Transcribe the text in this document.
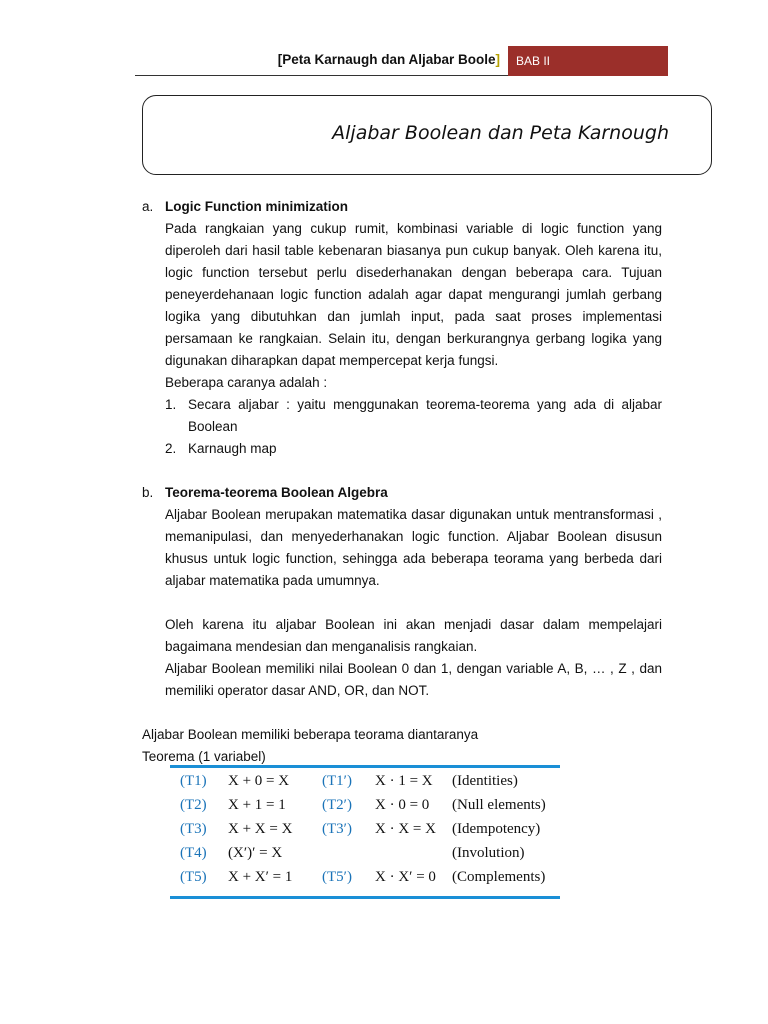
[Peta Karnaugh dan Aljabar Boole]	BAB II
Aljabar Boolean dan Peta Karnough
a. Logic Function minimization
Pada rangkaian yang cukup rumit, kombinasi variable di logic function yang diperoleh dari hasil table kebenaran biasanya pun cukup banyak. Oleh karena itu, logic function tersebut perlu disederhanakan dengan beberapa cara. Tujuan peneyerdehanaan logic function adalah agar dapat mengurangi jumlah gerbang logika yang dibutuhkan dan jumlah input, pada saat proses implementasi persamaan ke rangkaian. Selain itu, dengan berkurangnya gerbang logika yang digunakan diharapkan dapat mempercepat kerja fungsi.
Beberapa caranya adalah :
1. Secara aljabar : yaitu menggunakan teorema-teorema yang ada di aljabar Boolean
2. Karnaugh map
b. Teorema-teorema Boolean Algebra
Aljabar Boolean merupakan matematika dasar digunakan untuk mentransformasi , memanipulasi, dan menyederhanakan logic function. Aljabar Boolean disusun khusus untuk logic function, sehingga ada beberapa teorama yang berbeda dari aljabar matematika pada umumnya.
Oleh karena itu aljabar Boolean ini akan menjadi dasar dalam mempelajari bagaimana mendesian dan menganalisis rangkaian.
Aljabar Boolean memiliki nilai Boolean 0 dan 1, dengan variable A, B, … , Z , dan memiliki operator dasar AND, OR, dan NOT.
Aljabar Boolean memiliki beberapa teorama diantaranya
Teorema (1 variabel)
(T1) X + 0 = X (T1′) X · 1 = X (Identities)
(T2) X + 1 = 1 (T2′) X · 0 = 0 (Null elements)
(T3) X + X = X (T3′) X · X = X (Idempotency)
(T4) (X′)′ = X	(Involution)
(T5) X + X′ = 1 (T5′) X · X′ = 0 (Complements)
